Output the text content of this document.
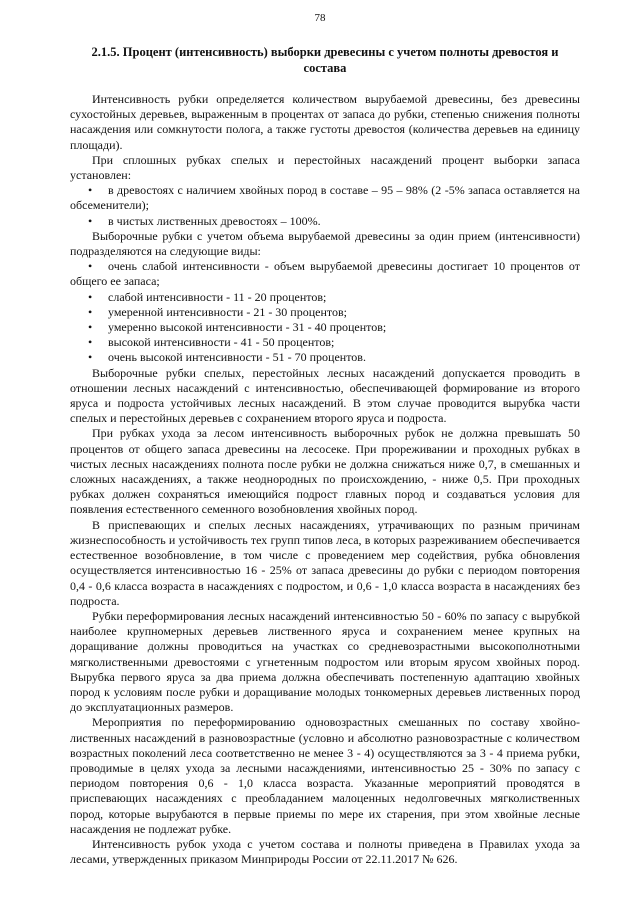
78
2.1.5. Процент (интенсивность) выборки древесины с учетом полноты древостоя и состава

Интенсивность рубки определяется количеством вырубаемой древесины, без древесины сухостойных деревьев, выраженным в процентах от запаса до рубки, степенью снижения полноты насаждения или сомкнутости полога, а также густоты древостоя (количества деревьев на единицу площади).

При сплошных рубках спелых и перестойных насаждений процент выборки запаса установлен:

• в древостоях с наличием хвойных пород в составе – 95 – 98% (2 -5% запаса оставляется на обсеменители);
• в чистых лиственных древостоях – 100%.

Выборочные рубки с учетом объема вырубаемой древесины за один прием (интенсивности) подразделяются на следующие виды:

• очень слабой интенсивности - объем вырубаемой древесины достигает 10 процентов от общего ее запаса;
• слабой интенсивности - 11 - 20 процентов;
• умеренной интенсивности - 21 - 30 процентов;
• умеренно высокой интенсивности - 31 - 40 процентов;
• высокой интенсивности - 41 - 50 процентов;
• очень высокой интенсивности - 51 - 70 процентов.

Выборочные рубки спелых, перестойных лесных насаждений допускается проводить в отношении лесных насаждений с интенсивностью, обеспечивающей формирование из второго яруса и подроста устойчивых лесных насаждений. В этом случае проводится вырубка части спелых и перестойных деревьев с сохранением второго яруса и подроста.

При рубках ухода за лесом интенсивность выборочных рубок не должна превышать 50 процентов от общего запаса древесины на лесосеке. При прореживании и проходных рубках в чистых лесных насаждениях полнота после рубки не должна снижаться ниже 0,7, в смешанных и сложных насаждениях, а также неоднородных по происхождению, - ниже 0,5. При проходных рубках должен сохраняться имеющийся подрост главных пород и создаваться условия для появления естественного семенного возобновления хвойных пород.

В приспевающих и спелых лесных насаждениях, утрачивающих по разным причинам жизнеспособность и устойчивость тех групп типов леса, в которых разреживанием обеспечивается естественное возобновление, в том числе с проведением мер содействия, рубка обновления осуществляется интенсивностью 16 - 25% от запаса древесины до рубки с периодом повторения 0,4 - 0,6 класса возраста в насаждениях с подростом, и 0,6 - 1,0 класса возраста в насаждениях без подроста.

Рубки переформирования лесных насаждений интенсивностью 50 - 60% по запасу с вырубкой наиболее крупномерных деревьев лиственного яруса и сохранением менее крупных на доращивание должны проводиться на участках со средневозрастными высокополнотными мягколиственными древостоями с угнетенным подростом или вторым ярусом хвойных пород. Вырубка первого яруса за два приема должна обеспечивать постепенную адаптацию хвойных пород к условиям после рубки и доращивание молодых тонкомерных деревьев лиственных пород до эксплуатационных размеров.

Мероприятия по переформированию одновозрастных смешанных по составу хвойно-лиственных насаждений в разновозрастные (условно и абсолютно разновозрастные с количеством возрастных поколений леса соответственно не менее 3 - 4) осуществляются за 3 - 4 приема рубки, проводимые в целях ухода за лесными насаждениями, интенсивностью 25 - 30% по запасу с периодом повторения 0,6 - 1,0 класса возраста. Указанные мероприятий проводятся в приспевающих насаждениях с преобладанием малоценных недолговечных мягколиственных пород, которые вырубаются в первые приемы по мере их старения, при этом хвойные лесные насаждения не подлежат рубке.

Интенсивность рубок ухода с учетом состава и полноты приведена в Правилах ухода за лесами, утвержденных приказом Минприроды России от 22.11.2017 № 626.
